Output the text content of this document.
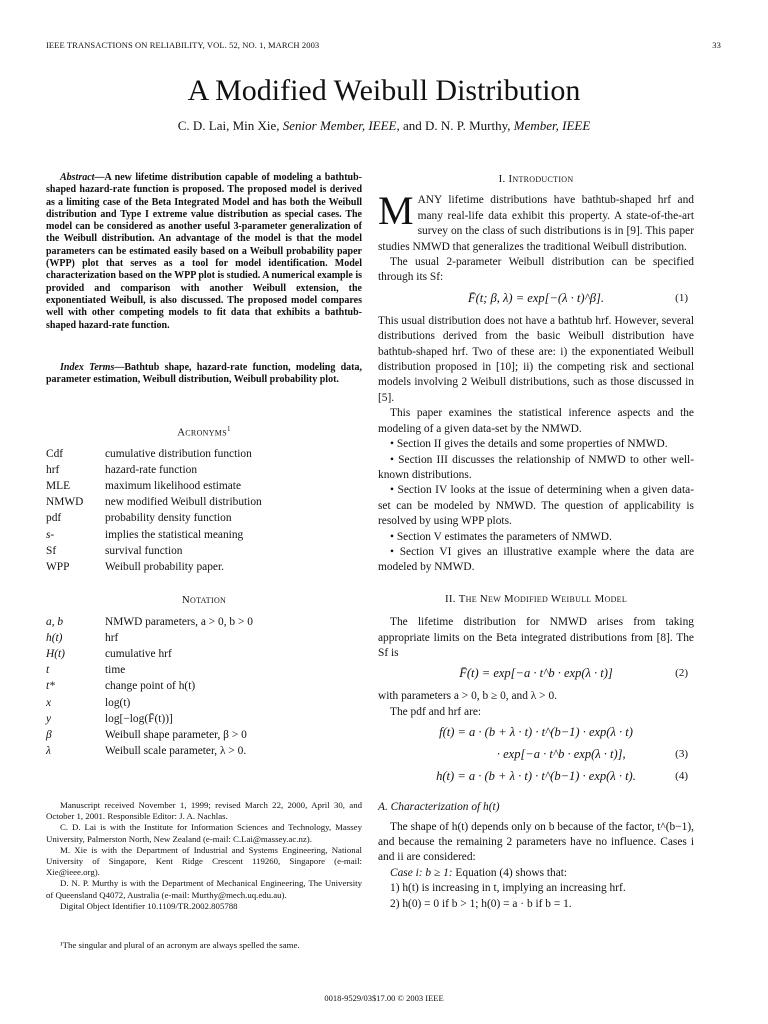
IEEE TRANSACTIONS ON RELIABILITY, VOL. 52, NO. 1, MARCH 2003	33
A Modified Weibull Distribution
C. D. Lai, Min Xie, Senior Member, IEEE, and D. N. P. Murthy, Member, IEEE
Abstract—A new lifetime distribution capable of modeling a bathtub-shaped hazard-rate function is proposed. The proposed model is derived as a limiting case of the Beta Integrated Model and has both the Weibull distribution and Type I extreme value distribution as special cases. The model can be considered as another useful 3-parameter generalization of the Weibull distribution. An advantage of the model is that the model parameters can be estimated easily based on a Weibull probability paper (WPP) plot that serves as a tool for model identification. Model characterization based on the WPP plot is studied. A numerical example is provided and comparison with another Weibull extension, the exponentiated Weibull, is also discussed. The proposed model compares well with other competing models to fit data that exhibits a bathtub-shaped hazard-rate function.
Index Terms—Bathtub shape, hazard-rate function, modeling data, parameter estimation, Weibull distribution, Weibull probability plot.
Acronyms$^1$
Cdf	cumulative distribution function
hrf	hazard-rate function
MLE	maximum likelihood estimate
NMWD	new modified Weibull distribution
pdf	probability density function
s-	implies the statistical meaning
Sf	survival function
WPP	Weibull probability paper.
Notation
a, b	NMWD parameters, a > 0, b > 0
h(t)	hrf
H(t)	cumulative hrf
t	time
t*	change point of h(t)
x	log(t)
y	log[−log(F̄(t))]
β	Weibull shape parameter, β > 0
λ	Weibull scale parameter, λ > 0.

Manuscript received November 1, 1999; revised March 22, 2000, April 30, and October 1, 2001. Responsible Editor: J. A. Nachlas.

C. D. Lai is with the Institute for Information Sciences and Technology, Massey University, Palmerston North, New Zealand (e-mail: C.Lai@massey.ac.nz).

M. Xie is with the Department of Industrial and Systems Engineering, National University of Singapore, Kent Ridge Crescent 119260, Singapore (e-mail: Xie@ieee.org).

D. N. P. Murthy is with the Department of Mechanical Engineering, The University of Queensland Q4072, Australia (e-mail: Murthy@mech.uq.edu.au).

Digital Object Identifier 10.1109/TR.2002.805788

¹The singular and plural of an acronym are always spelled the same.
I. Introduction

MANY lifetime distributions have bathtub-shaped hrf and many real-life data exhibit this property. A state-of-the-art survey on the class of such distributions is in [9]. This paper studies NMWD that generalizes the traditional Weibull distribution.

The usual 2-parameter Weibull distribution can be specified through its Sf:

F̄(t; β, λ) = exp[−(λ · t)^β].	(1)

This usual distribution does not have a bathtub hrf. However, several distributions derived from the basic Weibull distribution have bathtub-shaped hrf. Two of these are: i) the exponentiated Weibull distribution proposed in [10]; ii) the competing risk and sectional models involving 2 Weibull distributions, such as those discussed in [5].

This paper examines the statistical inference aspects and the modeling of a given data-set by the NMWD.

• Section II gives the details and some properties of NMWD.

• Section III discusses the relationship of NMWD to other well-known distributions.

• Section IV looks at the issue of determining when a given data-set can be modeled by NMWD. The question of applicability is resolved by using WPP plots.

• Section V estimates the parameters of NMWD.

• Section VI gives an illustrative example where the data are modeled by NMWD.

II. The New Modified Weibull Model

The lifetime distribution for NMWD arises from taking appropriate limits on the Beta integrated distributions from [8]. The Sf is

F̄(t) = exp[−a · t^b · exp(λ · t)]	(2)

with parameters a > 0, b ≥ 0, and λ > 0.

The pdf and hrf are:

f(t) = a · (b + λ · t) · t^(b−1) · exp(λ · t)
· exp[−a · t^b · exp(λ · t)],	(3)
h(t) = a · (b + λ · t) · t^(b−1) · exp(λ · t).	(4)
A. Characterization of h(t)

The shape of h(t) depends only on b because of the factor, t^(b−1), and because the remaining 2 parameters have no influence. Cases i and ii are considered:

Case i: b ≥ 1: Equation (4) shows that:

1) h(t) is increasing in t, implying an increasing hrf.

2) h(0) = 0 if b > 1; h(0) = a · b if b = 1.

0018-9529/03$17.00 © 2003 IEEE
